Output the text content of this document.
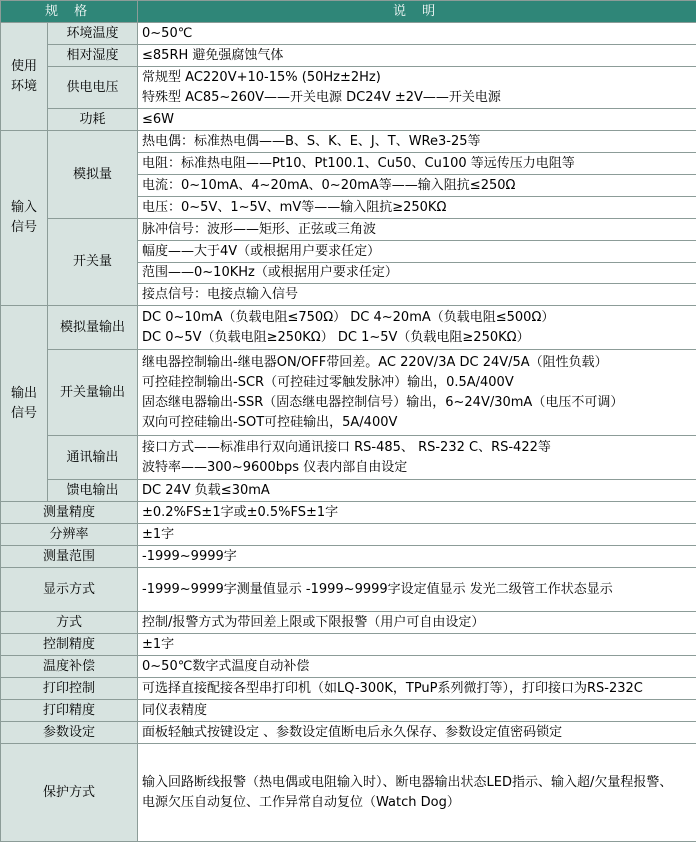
规 格		说 明
使用环境	环境温度	0~50℃
	相对湿度	≤85RH 避免强腐蚀气体
	供电电压	常规型 AC220V+10-15% (50Hz±2Hz)
特殊型 AC85~260V——开关电源 DC24V ±2V——开关电源

	功耗	≤6W
输入信号	模拟量	热电偶：标准热电偶——B、S、K、E、J、T、WRe3-25等
		电阻：标准热电阻——Pt10、Pt100.1、Cu50、Cu100 等远传压力电阻等
		电流：0~10mA、4~20mA、0~20mA等——输入阻抗≤250Ω
		电压：0~5V、1~5V、mV等——输入阻抗≥250KΩ
	开关量	脉冲信号：波形——矩形、正弦或三角波
		幅度——大于4V（或根据用户要求任定）
		范围——0~10KHz（或根据用户要求任定）
		接点信号：电接点输入信号
输出信号	模拟量输出	DC 0~10mA（负载电阻≤750Ω） DC 4~20mA（负载电阻≤500Ω）
DC 0~5V（负载电阻≥250KΩ） DC 1~5V（负载电阻≥250KΩ）

	开关量输出	继电器控制输出-继电器ON/OFF带回差。AC 220V/3A DC 24V/5A（阻性负载）
可控硅控制输出-SCR（可控硅过零触发脉冲）输出，0.5A/400V
固态继电器输出-SSR（固态继电器控制信号）输出，6~24V/30mA（电压不可调）
双向可控硅输出-SOT可控硅输出，5A/400V

	通讯输出	接口方式——标准串行双向通讯接口 RS-485、 RS-232 C、RS-422等
波特率——300~9600bps 仪表内部自由设定

	馈电输出	DC 24V 负载≤30mA
测量精度		±0.2%FS±1字或±0.5%FS±1字
分辨率		±1字
测量范围		-1999~9999字
显示方式		-1999~9999字测量值显示 -1999~9999字设定值显示 发光二级管工作状态显示

方式		控制/报警方式为带回差上限或下限报警（用户可自由设定）
控制精度		±1字
温度补偿		0~50℃数字式温度自动补偿
打印控制		可选择直接配接各型串打印机（如LQ-300K，TPuP系列微打等），打印接口为RS-232C
打印精度		同仪表精度
参数设定		面板轻触式按键设定 、参数设定值断电后永久保存、参数设定值密码锁定
保护方式		输入回路断线报警（热电偶或电阻输入时）、断电器输出状态LED指示、输入超/欠量程报警、
电源欠压自动复位、工作异常自动复位（Watch Dog）
